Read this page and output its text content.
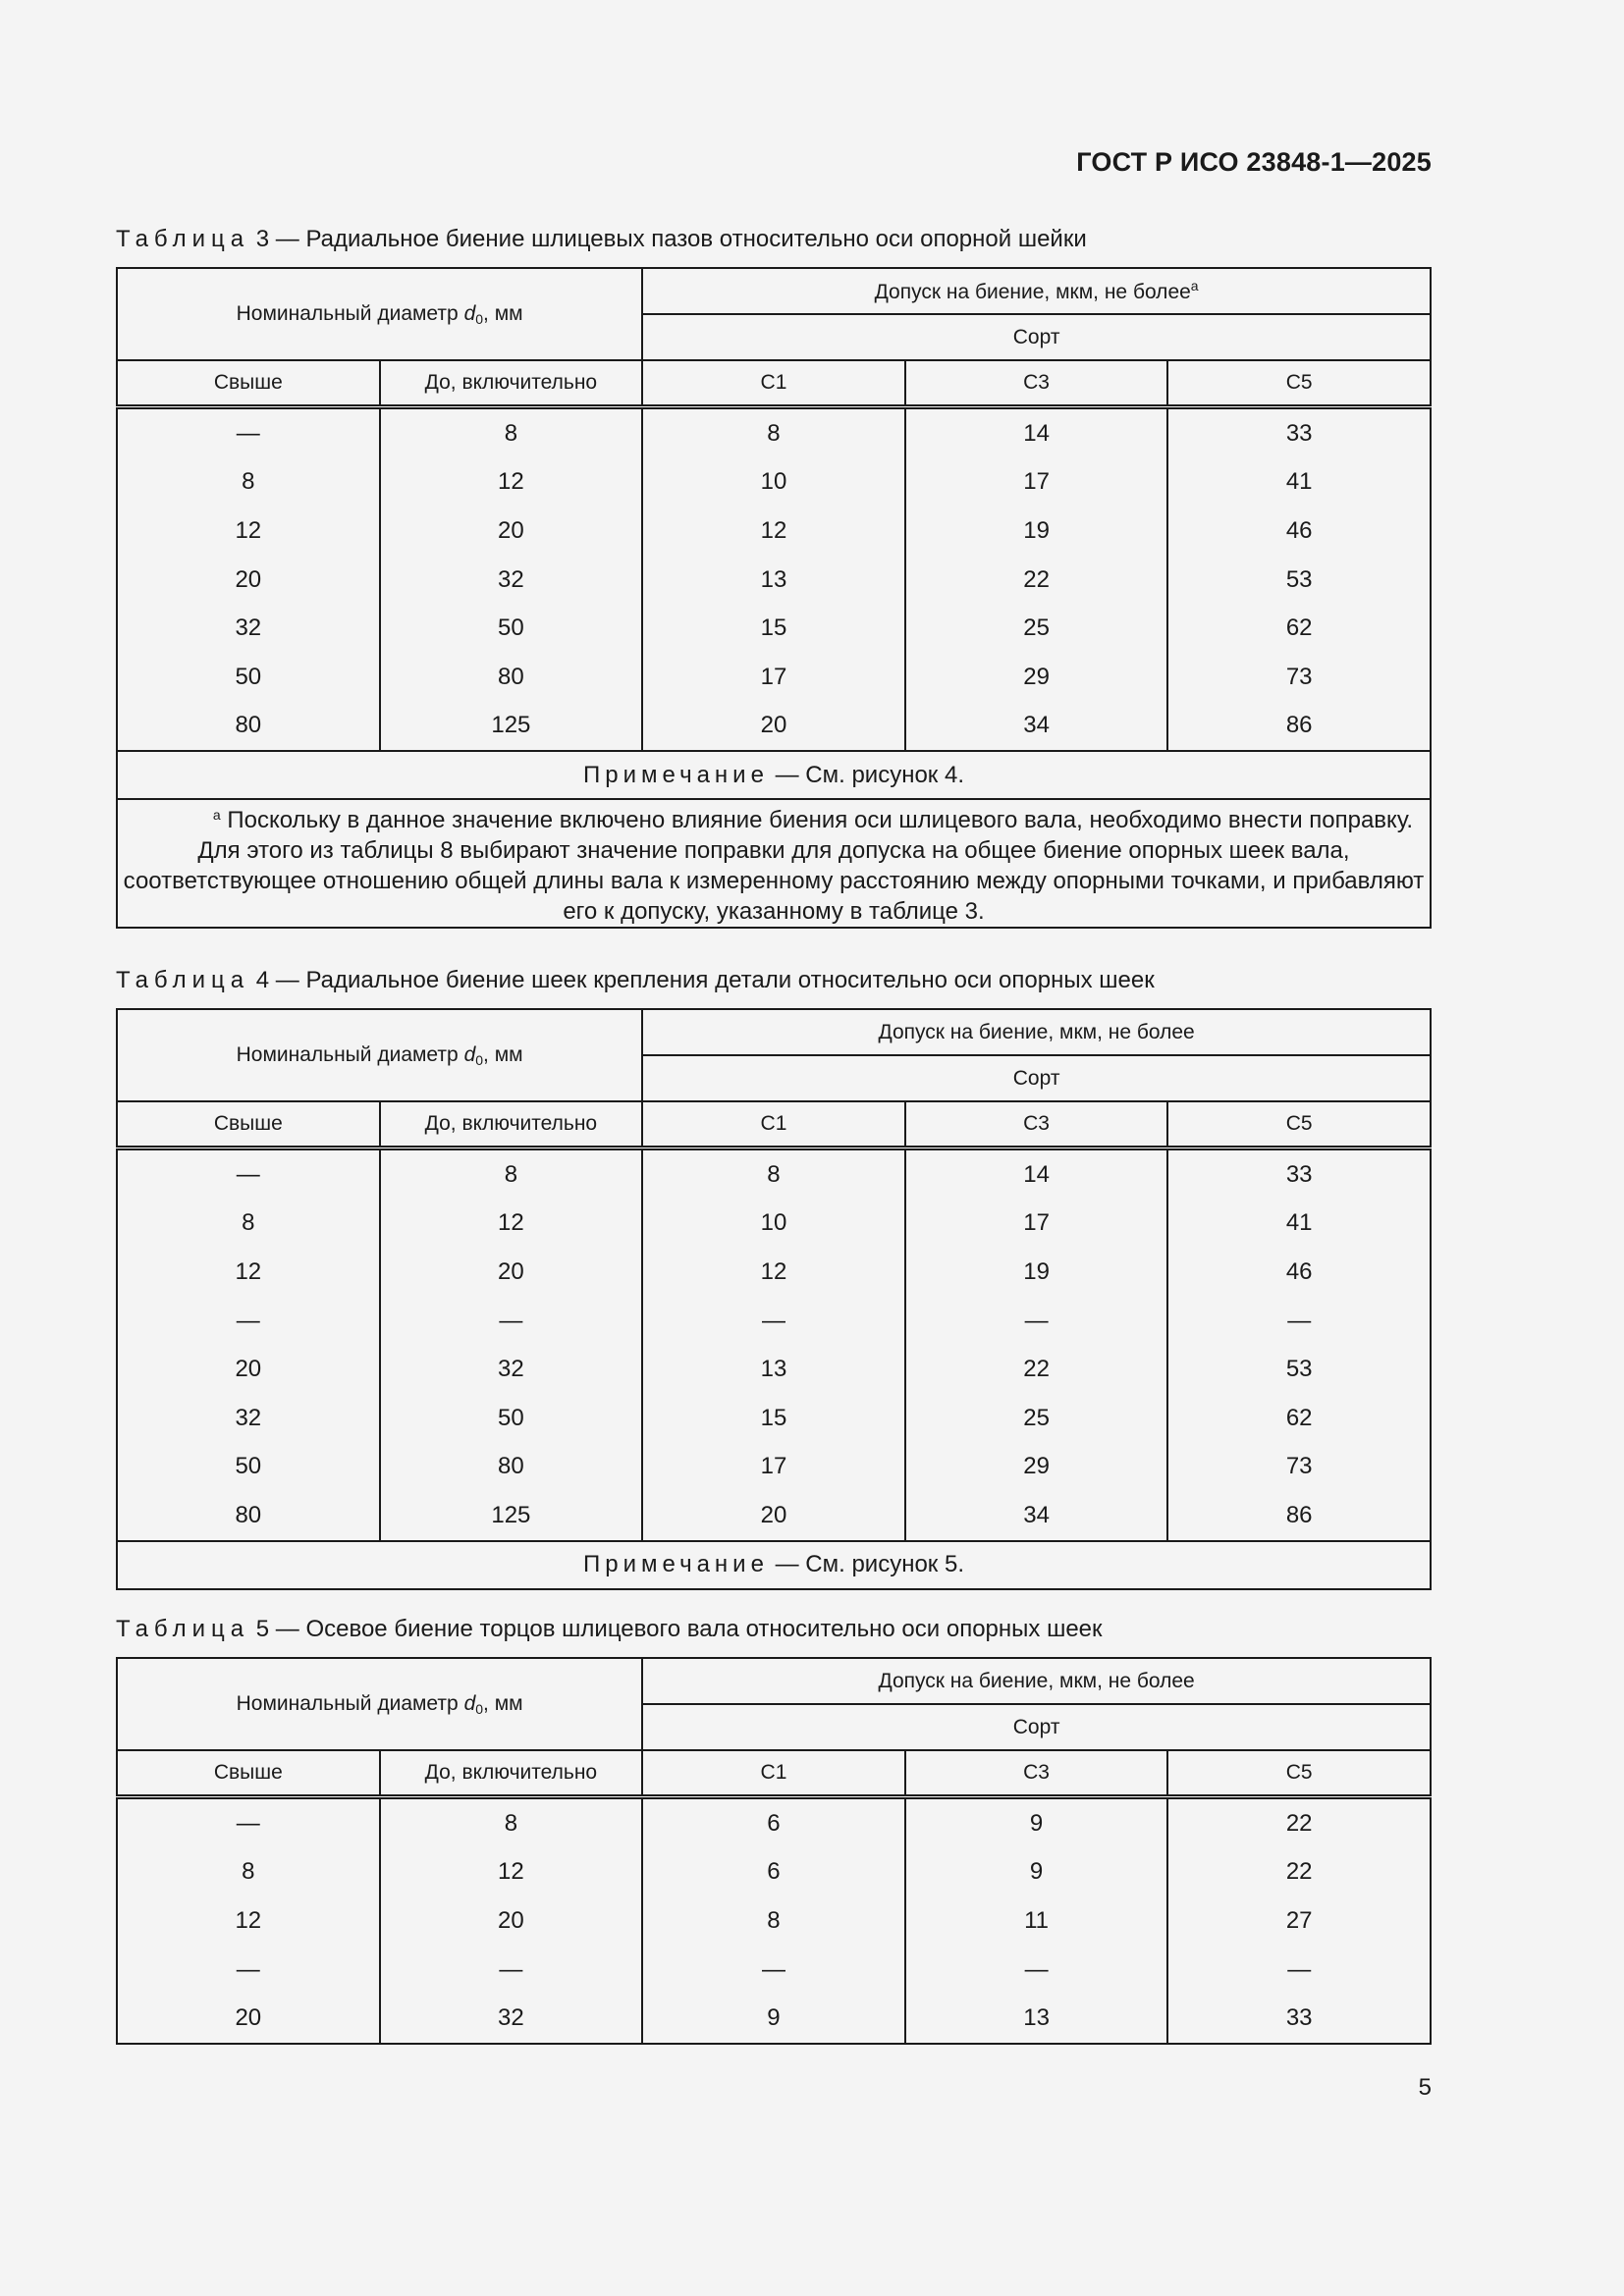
ГОСТ Р ИСО 23848-1—2025
Таблица 3 — Радиальное биение шлицевых пазов относительно оси опорной шейки
Номинальный диаметр $d_0$, мм		Допуск на биение, мкм, не более$^a$
		Сорт		
Свыше	До, включительно	C1	C3	C5
—	8	8	14	33
8	12	10	17	41
12	20	12	19	46
20	32	13	22	53
32	50	15	25	62
50	80	17	29	73
80	125	20	34	86
Примечание — См. рисунок 4.				
$^a$ Поскольку в данное значение включено влияние биения оси шлицевого вала, необходимо внести поправку. Для этого из таблицы 8 выбирают значение поправки для допуска на общее биение опорных шеек вала, соответствующее отношению общей длины вала к измеренному расстоянию между опорными точками, и прибавляют его к допуску, указанному в таблице 3.				
Таблица 4 — Радиальное биение шеек крепления детали относительно оси опорных шеек
Номинальный диаметр $d_0$, мм		Допуск на биение, мкм, не более		
		Сорт		
Свыше	До, включительно	C1	C3	C5
—	8	8	14	33
8	12	10	17	41
12	20	12	19	46
—	—	—	—	—
20	32	13	22	53
32	50	15	25	62
50	80	17	29	73
80	125	20	34	86
Примечание — См. рисунок 5.				
Таблица 5 — Осевое биение торцов шлицевого вала относительно оси опорных шеек
Номинальный диаметр $d_0$, мм		Допуск на биение, мкм, не более		
		Сорт		
Свыше	До, включительно	C1	C3	C5
—	8	6	9	22
8	12	6	9	22
12	20	8	11	27
—	—	—	—	—
20	32	9	13	33
5
